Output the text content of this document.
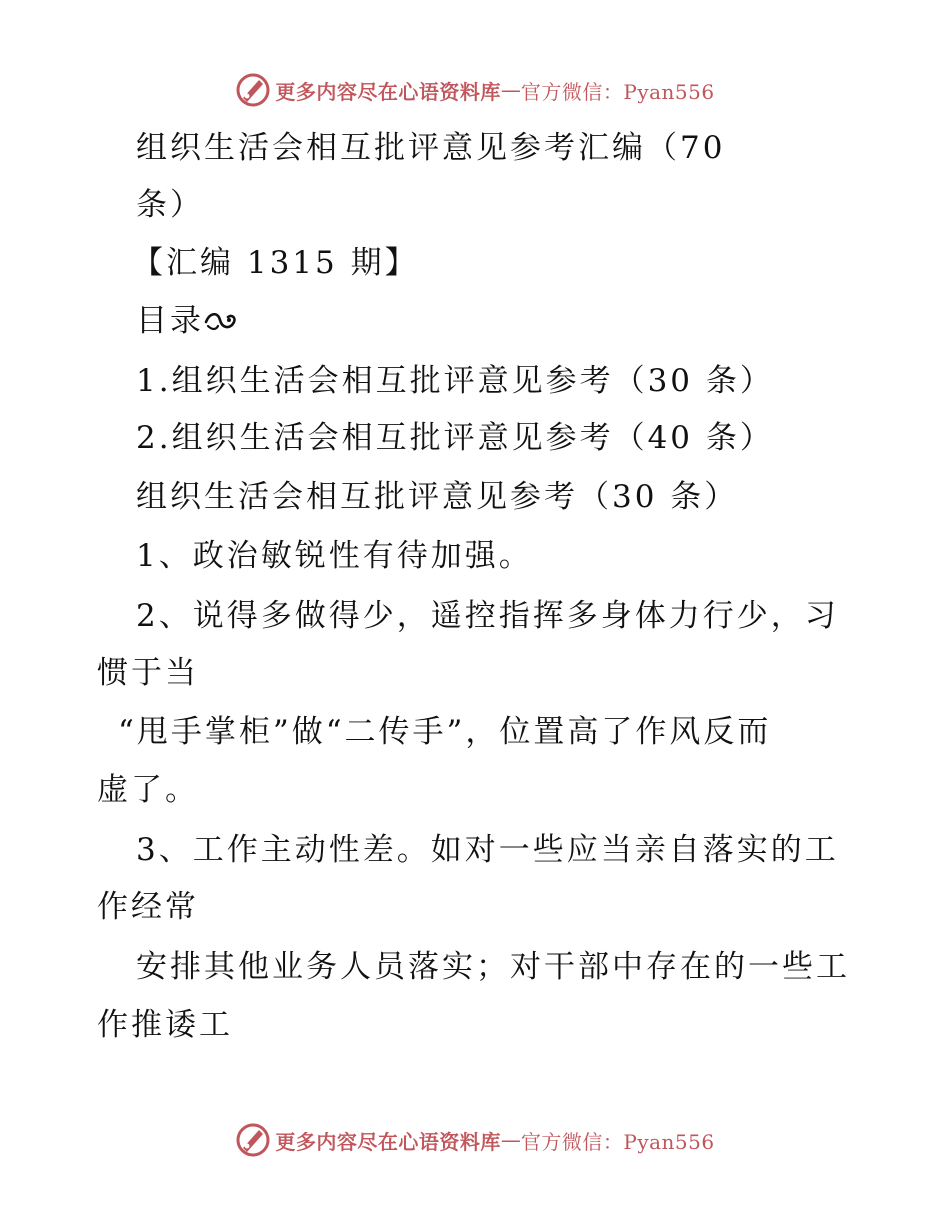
更多内容尽在心语资料库 — 官方微信：Pyan556
组织生活会相互批评意见参考汇编（70
条）
【汇编 1315 期】
目录
1.组织生活会相互批评意见参考（30 条）
2.组织生活会相互批评意见参考（40 条）
组织生活会相互批评意见参考（30 条）
1、政治敏锐性有待加强。
2、说得多做得少，遥控指挥多身体力行少，习
惯于当
“甩手掌柜”做“二传手”，位置高了作风反而
虚了。
3、工作主动性差。如对一些应当亲自落实的工
作经常
安排其他业务人员落实；对干部中存在的一些工
作推诿工
更多内容尽在心语资料库 — 官方微信：Pyan556
